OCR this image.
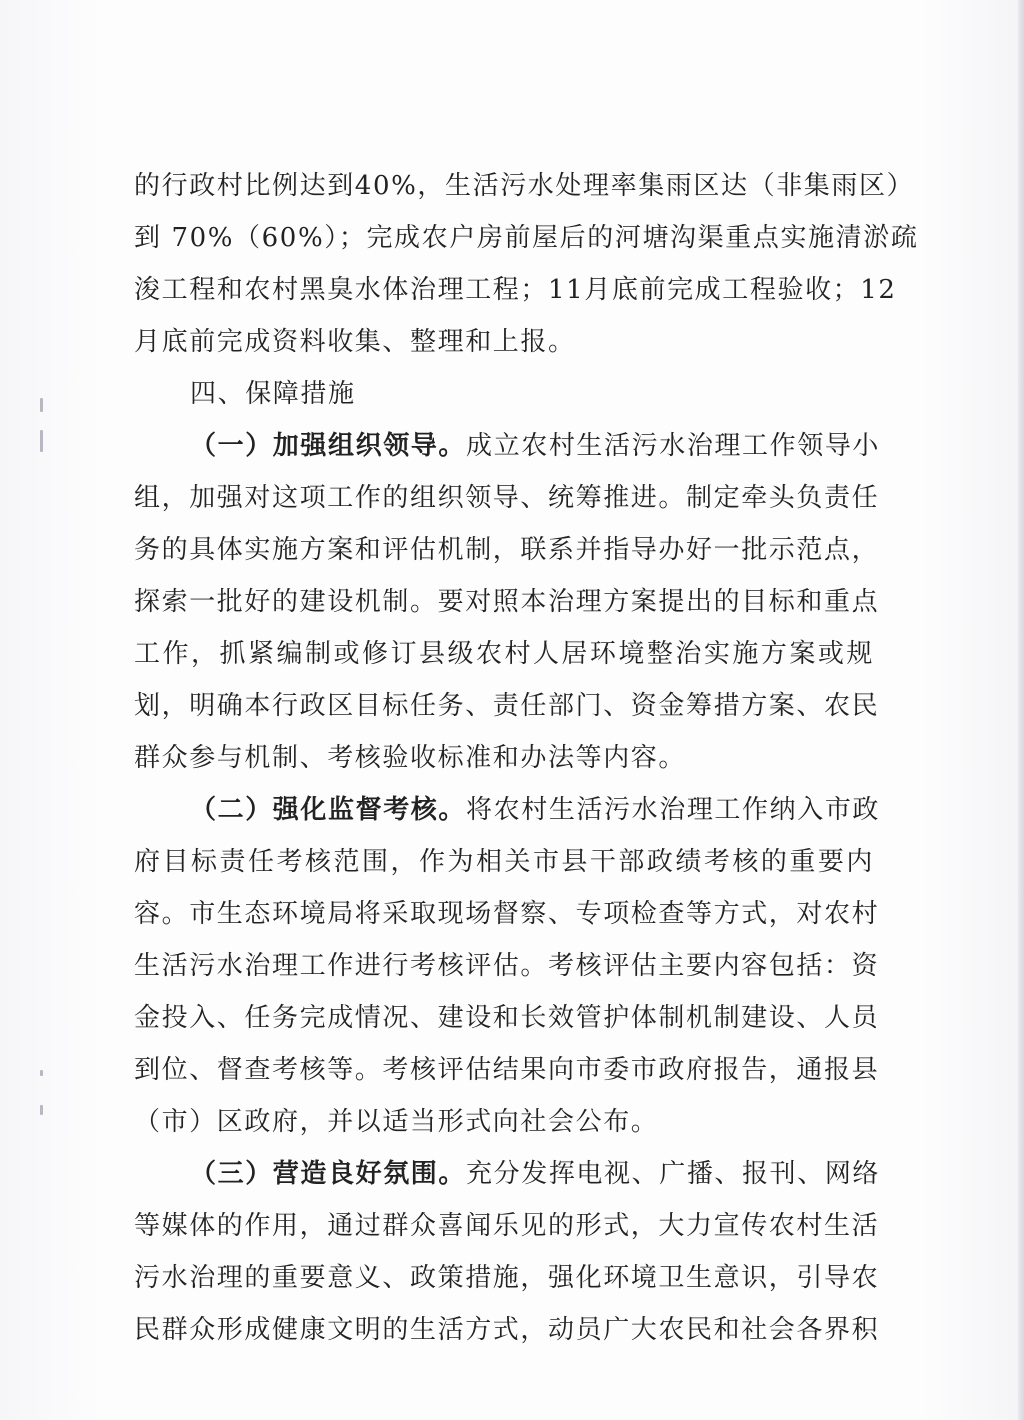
的行政村比例达到40%，生活污水处理率集雨区达（非集雨区）
到 70%（60%）；完成农户房前屋后的河塘沟渠重点实施清淤疏
浚工程和农村黑臭水体治理工程；11月底前完成工程验收；12
月底前完成资料收集、整理和上报。
四、保障措施
（一）加强组织领导。成立农村生活污水治理工作领导小
组，加强对这项工作的组织领导、统筹推进。制定牵头负责任
务的具体实施方案和评估机制，联系并指导办好一批示范点，
探索一批好的建设机制。要对照本治理方案提出的目标和重点
工作，抓紧编制或修订县级农村人居环境整治实施方案或规
划，明确本行政区目标任务、责任部门、资金筹措方案、农民
群众参与机制、考核验收标准和办法等内容。
（二）强化监督考核。将农村生活污水治理工作纳入市政
府目标责任考核范围，作为相关市县干部政绩考核的重要内
容。市生态环境局将采取现场督察、专项检查等方式，对农村
生活污水治理工作进行考核评估。考核评估主要内容包括：资
金投入、任务完成情况、建设和长效管护体制机制建设、人员
到位、督查考核等。考核评估结果向市委市政府报告，通报县
（市）区政府，并以适当形式向社会公布。
（三）营造良好氛围。充分发挥电视、广播、报刊、网络
等媒体的作用，通过群众喜闻乐见的形式，大力宣传农村生活
污水治理的重要意义、政策措施，强化环境卫生意识，引导农
民群众形成健康文明的生活方式，动员广大农民和社会各界积
